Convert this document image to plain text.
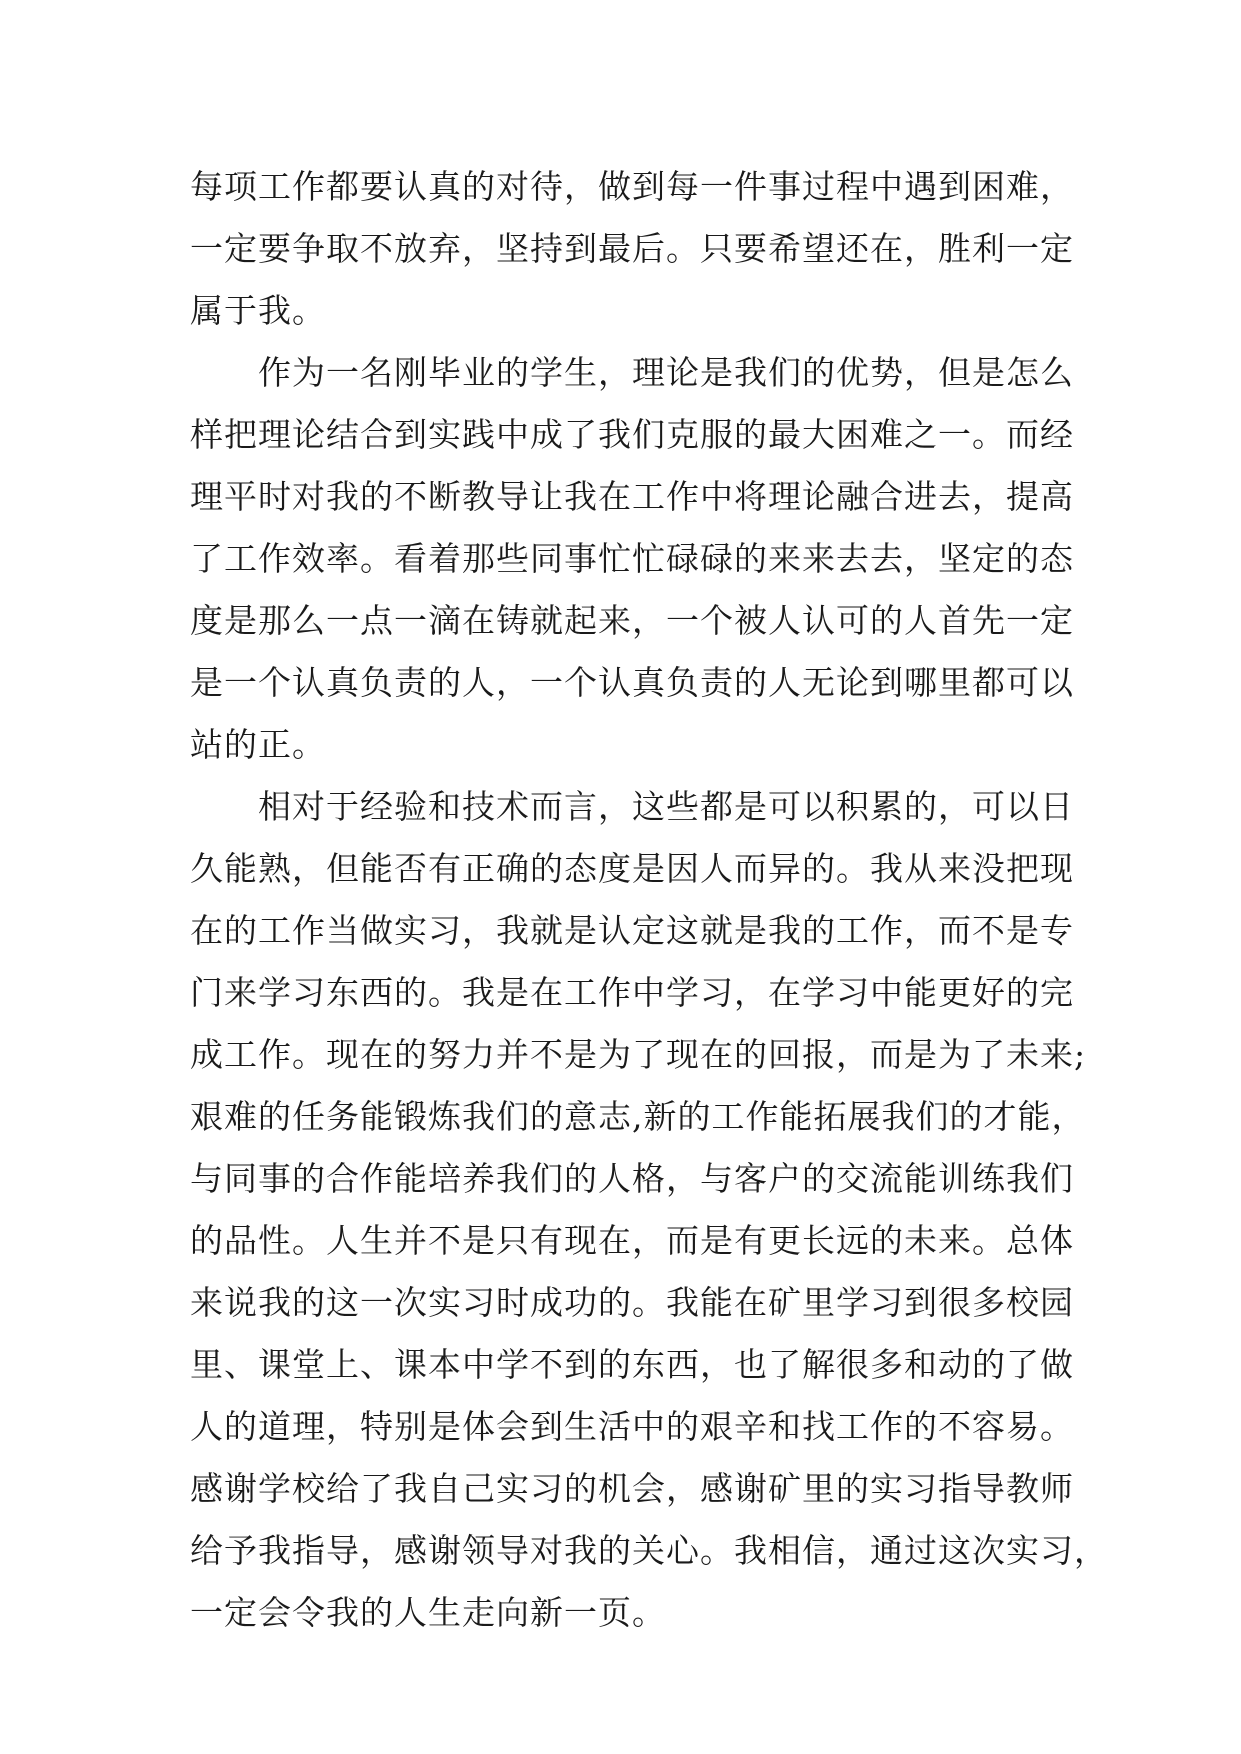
每项工作都要认真的对待，做到每一件事过程中遇到困难，
一定要争取不放弃，坚持到最后。只要希望还在，胜利一定
属于我。
作为一名刚毕业的学生，理论是我们的优势，但是怎么
样把理论结合到实践中成了我们克服的最大困难之一。而经
理平时对我的不断教导让我在工作中将理论融合进去，提高
了工作效率。看着那些同事忙忙碌碌的来来去去，坚定的态
度是那么一点一滴在铸就起来，一个被人认可的人首先一定
是一个认真负责的人，一个认真负责的人无论到哪里都可以
站的正。
相对于经验和技术而言，这些都是可以积累的，可以日
久能熟，但能否有正确的态度是因人而异的。我从来没把现
在的工作当做实习，我就是认定这就是我的工作，而不是专
门来学习东西的。我是在工作中学习，在学习中能更好的完
成工作。现在的努力并不是为了现在的回报，而是为了未来;
艰难的任务能锻炼我们的意志,新的工作能拓展我们的才能，
与同事的合作能培养我们的人格，与客户的交流能训练我们
的品性。人生并不是只有现在，而是有更长远的未来。总体
来说我的这一次实习时成功的。我能在矿里学习到很多校园
里、课堂上、课本中学不到的东西，也了解很多和动的了做
人的道理，特别是体会到生活中的艰辛和找工作的不容易。
感谢学校给了我自己实习的机会，感谢矿里的实习指导教师
给予我指导，感谢领导对我的关心。我相信，通过这次实习，
一定会令我的人生走向新一页。
